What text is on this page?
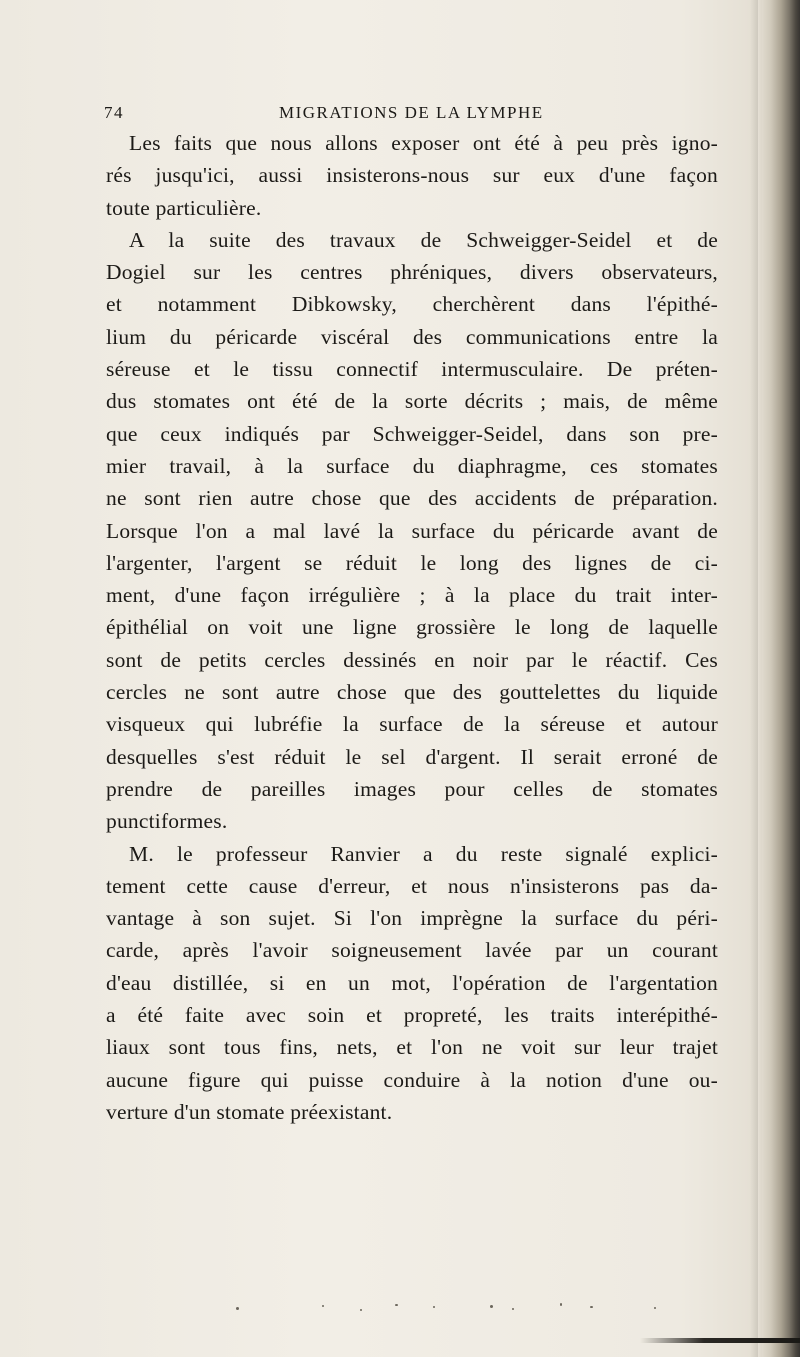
74	MIGRATIONS DE LA LYMPHE
Les faits que nous allons exposer ont été à peu près igno-
rés jusqu'ici, aussi insisterons-nous sur eux d'une façon
toute particulière.
A la suite des travaux de Schweigger-Seidel et de
Dogiel sur les centres phréniques, divers observateurs,
et notamment Dibkowsky, cherchèrent dans l'épithé-
lium du péricarde viscéral des communications entre la
séreuse et le tissu connectif intermusculaire. De préten-
dus stomates ont été de la sorte décrits ; mais, de même
que ceux indiqués par Schweigger-Seidel, dans son pre-
mier travail, à la surface du diaphragme, ces stomates
ne sont rien autre chose que des accidents de préparation.
Lorsque l'on a mal lavé la surface du péricarde avant de
l'argenter, l'argent se réduit le long des lignes de ci-
ment, d'une façon irrégulière ; à la place du trait inter-
épithélial on voit une ligne grossière le long de laquelle
sont de petits cercles dessinés en noir par le réactif. Ces
cercles ne sont autre chose que des gouttelettes du liquide
visqueux qui lubréfie la surface de la séreuse et autour
desquelles s'est réduit le sel d'argent. Il serait erroné de
prendre de pareilles images pour celles de stomates
punctiformes.
M. le professeur Ranvier a du reste signalé explici-
tement cette cause d'erreur, et nous n'insisterons pas da-
vantage à son sujet. Si l'on imprègne la surface du péri-
carde, après l'avoir soigneusement lavée par un courant
d'eau distillée, si en un mot, l'opération de l'argentation
a été faite avec soin et propreté, les traits interépithé-
liaux sont tous fins, nets, et l'on ne voit sur leur trajet
aucune figure qui puisse conduire à la notion d'une ou-
verture d'un stomate préexistant.
